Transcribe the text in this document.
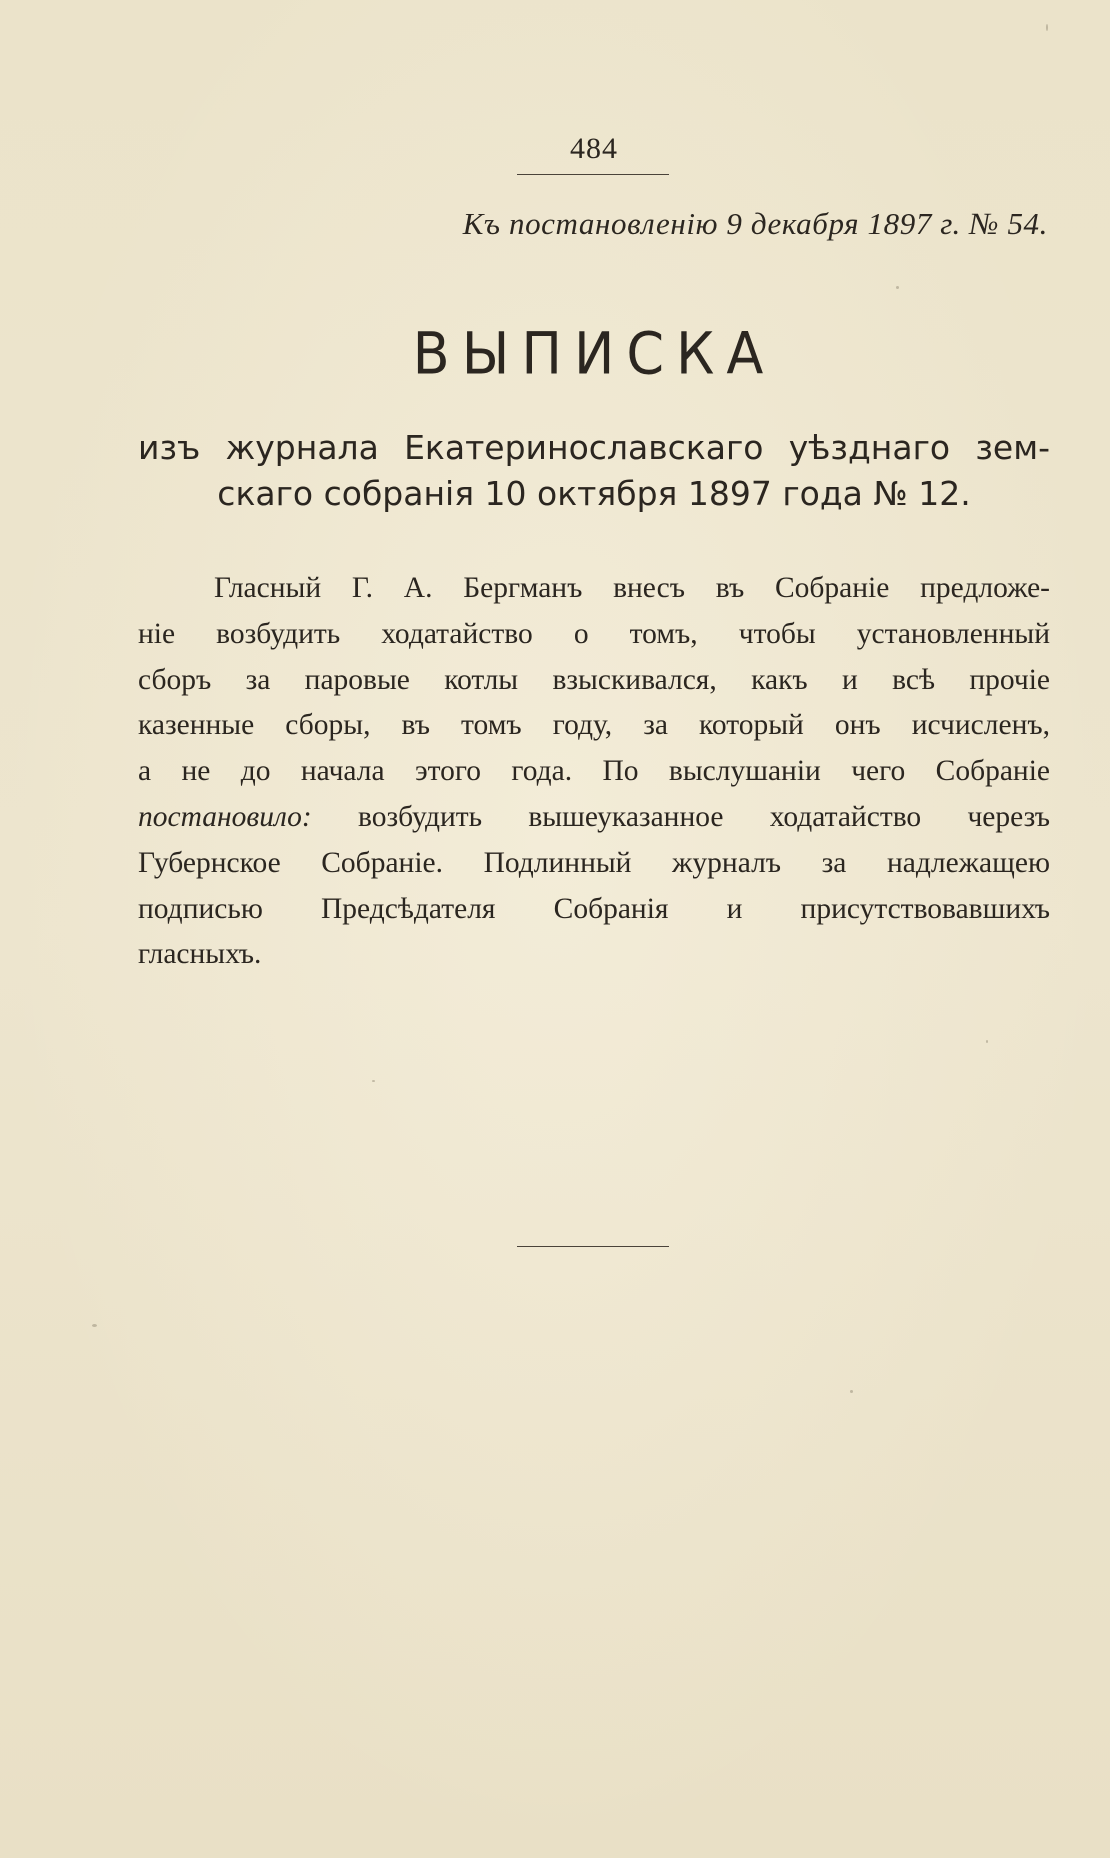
484
Къ постановленію 9 декабря 1897 г. № 54.
ВЫПИСКА
изъ журнала Екатеринославскаго уѣзднаго зем-
скаго собранія 10 октября 1897 года № 12.
Гласный Г. А. Бергманъ внесъ въ Собраніе предложе-
ніе возбудить ходатайство о томъ, чтобы установленный
сборъ за паровые котлы взыскивался, какъ и всѣ прочіе
казенные сборы, въ томъ году, за который онъ исчисленъ,
а не до начала этого года. По выслушаніи чего Собраніе
постановило: возбудить вышеуказанное ходатайство черезъ
Губернское Собраніе. Подлинный журналъ за надлежащею
подписью Предсѣдателя Собранія и присутствовавшихъ
гласныхъ.
